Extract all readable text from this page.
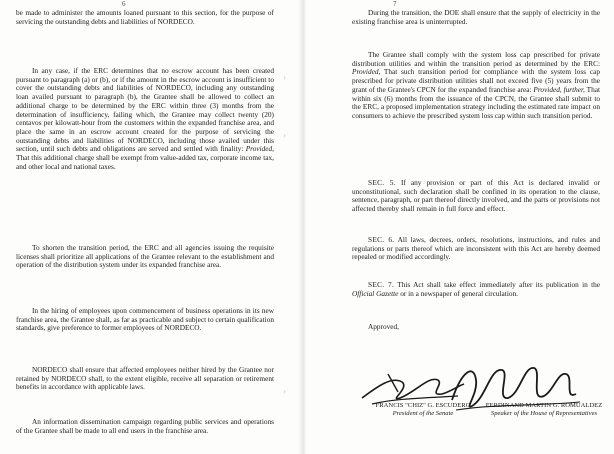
6

be made to administer the amounts loaned pursuant to this section, for the purpose of servicing the outstanding debts and liabilities of NORDECO.

In any case, if the ERC determines that no escrow account has been created pursuant to paragraph (a) or (b), or if the amount in the escrow account is insufficient to cover the outstanding debts and liabilities of NORDECO, including any outstanding loan availed pursuant to paragraph (b), the Grantee shall be allowed to collect an additional charge to be determined by the ERC within three (3) months from the determination of insufficiency, failing which, the Grantee may collect twenty (20) centavos per kilowatt-hour from the customers within the expanded franchise area, and place the same in an escrow account created for the purpose of servicing the outstanding debts and liabilities of NORDECO, including those availed under this section, until such debts and obligations are served and settled with finality: Provided, That this additional charge shall be exempt from value-added tax, corporate income tax, and other local and national taxes.

To shorten the transition period, the ERC and all agencies issuing the requisite licenses shall prioritize all applications of the Grantee relevant to the establishment and operation of the distribution system under its expanded franchise area.

In the hiring of employees upon commencement of business operations in its new franchise area, the Grantee shall, as far as practicable and subject to certain qualification standards, give preference to former employees of NORDECO.

NORDECO shall ensure that affected employees neither hired by the Grantee nor retained by NORDECO shall, to the extent eligible, receive all separation or retirement benefits in accordance with applicable laws.

An information dissemination campaign regarding public services and operations of the Grantee shall be made to all end users in the franchise area.

›
›
›
7

During the transition, the DOE shall ensure that the supply of electricity in the existing franchise area is uninterrupted.

The Grantee shall comply with the system loss cap prescribed for private distribution utilities and within the transition period as determined by the ERC: Provided, That such transition period for compliance with the system loss cap prescribed for private distribution utilities shall not exceed five (5) years from the grant of the Grantee's CPCN for the expanded franchise area: Provided, further, That within six (6) months from the issuance of the CPCN, the Grantee shall submit to the ERC, a proposed implementation strategy including the estimated rate impact on consumers to achieve the prescribed system loss cap within such transition period.

SEC. 5. If any provision or part of this Act is declared invalid or unconstitutional, such declaration shall be confined in its operation to the clause, sentence, paragraph, or part thereof directly involved, and the parts or provisions not affected thereby shall remain in full force and effect.

SEC. 6. All laws, decrees, orders, resolutions, instructions, and rules and regulations or parts thereof which are inconsistent with this Act are hereby deemed repealed or modified accordingly.

SEC. 7. This Act shall take effect immediately after its publication in the Official Gazette or in a newspaper of general circulation.

Approved,

FRANCIS "CHIZ" G. ESCUDERO
President of the Senate
FERDINAND MARTIN G. ROMUALDEZ
Speaker of the House of Representatives
